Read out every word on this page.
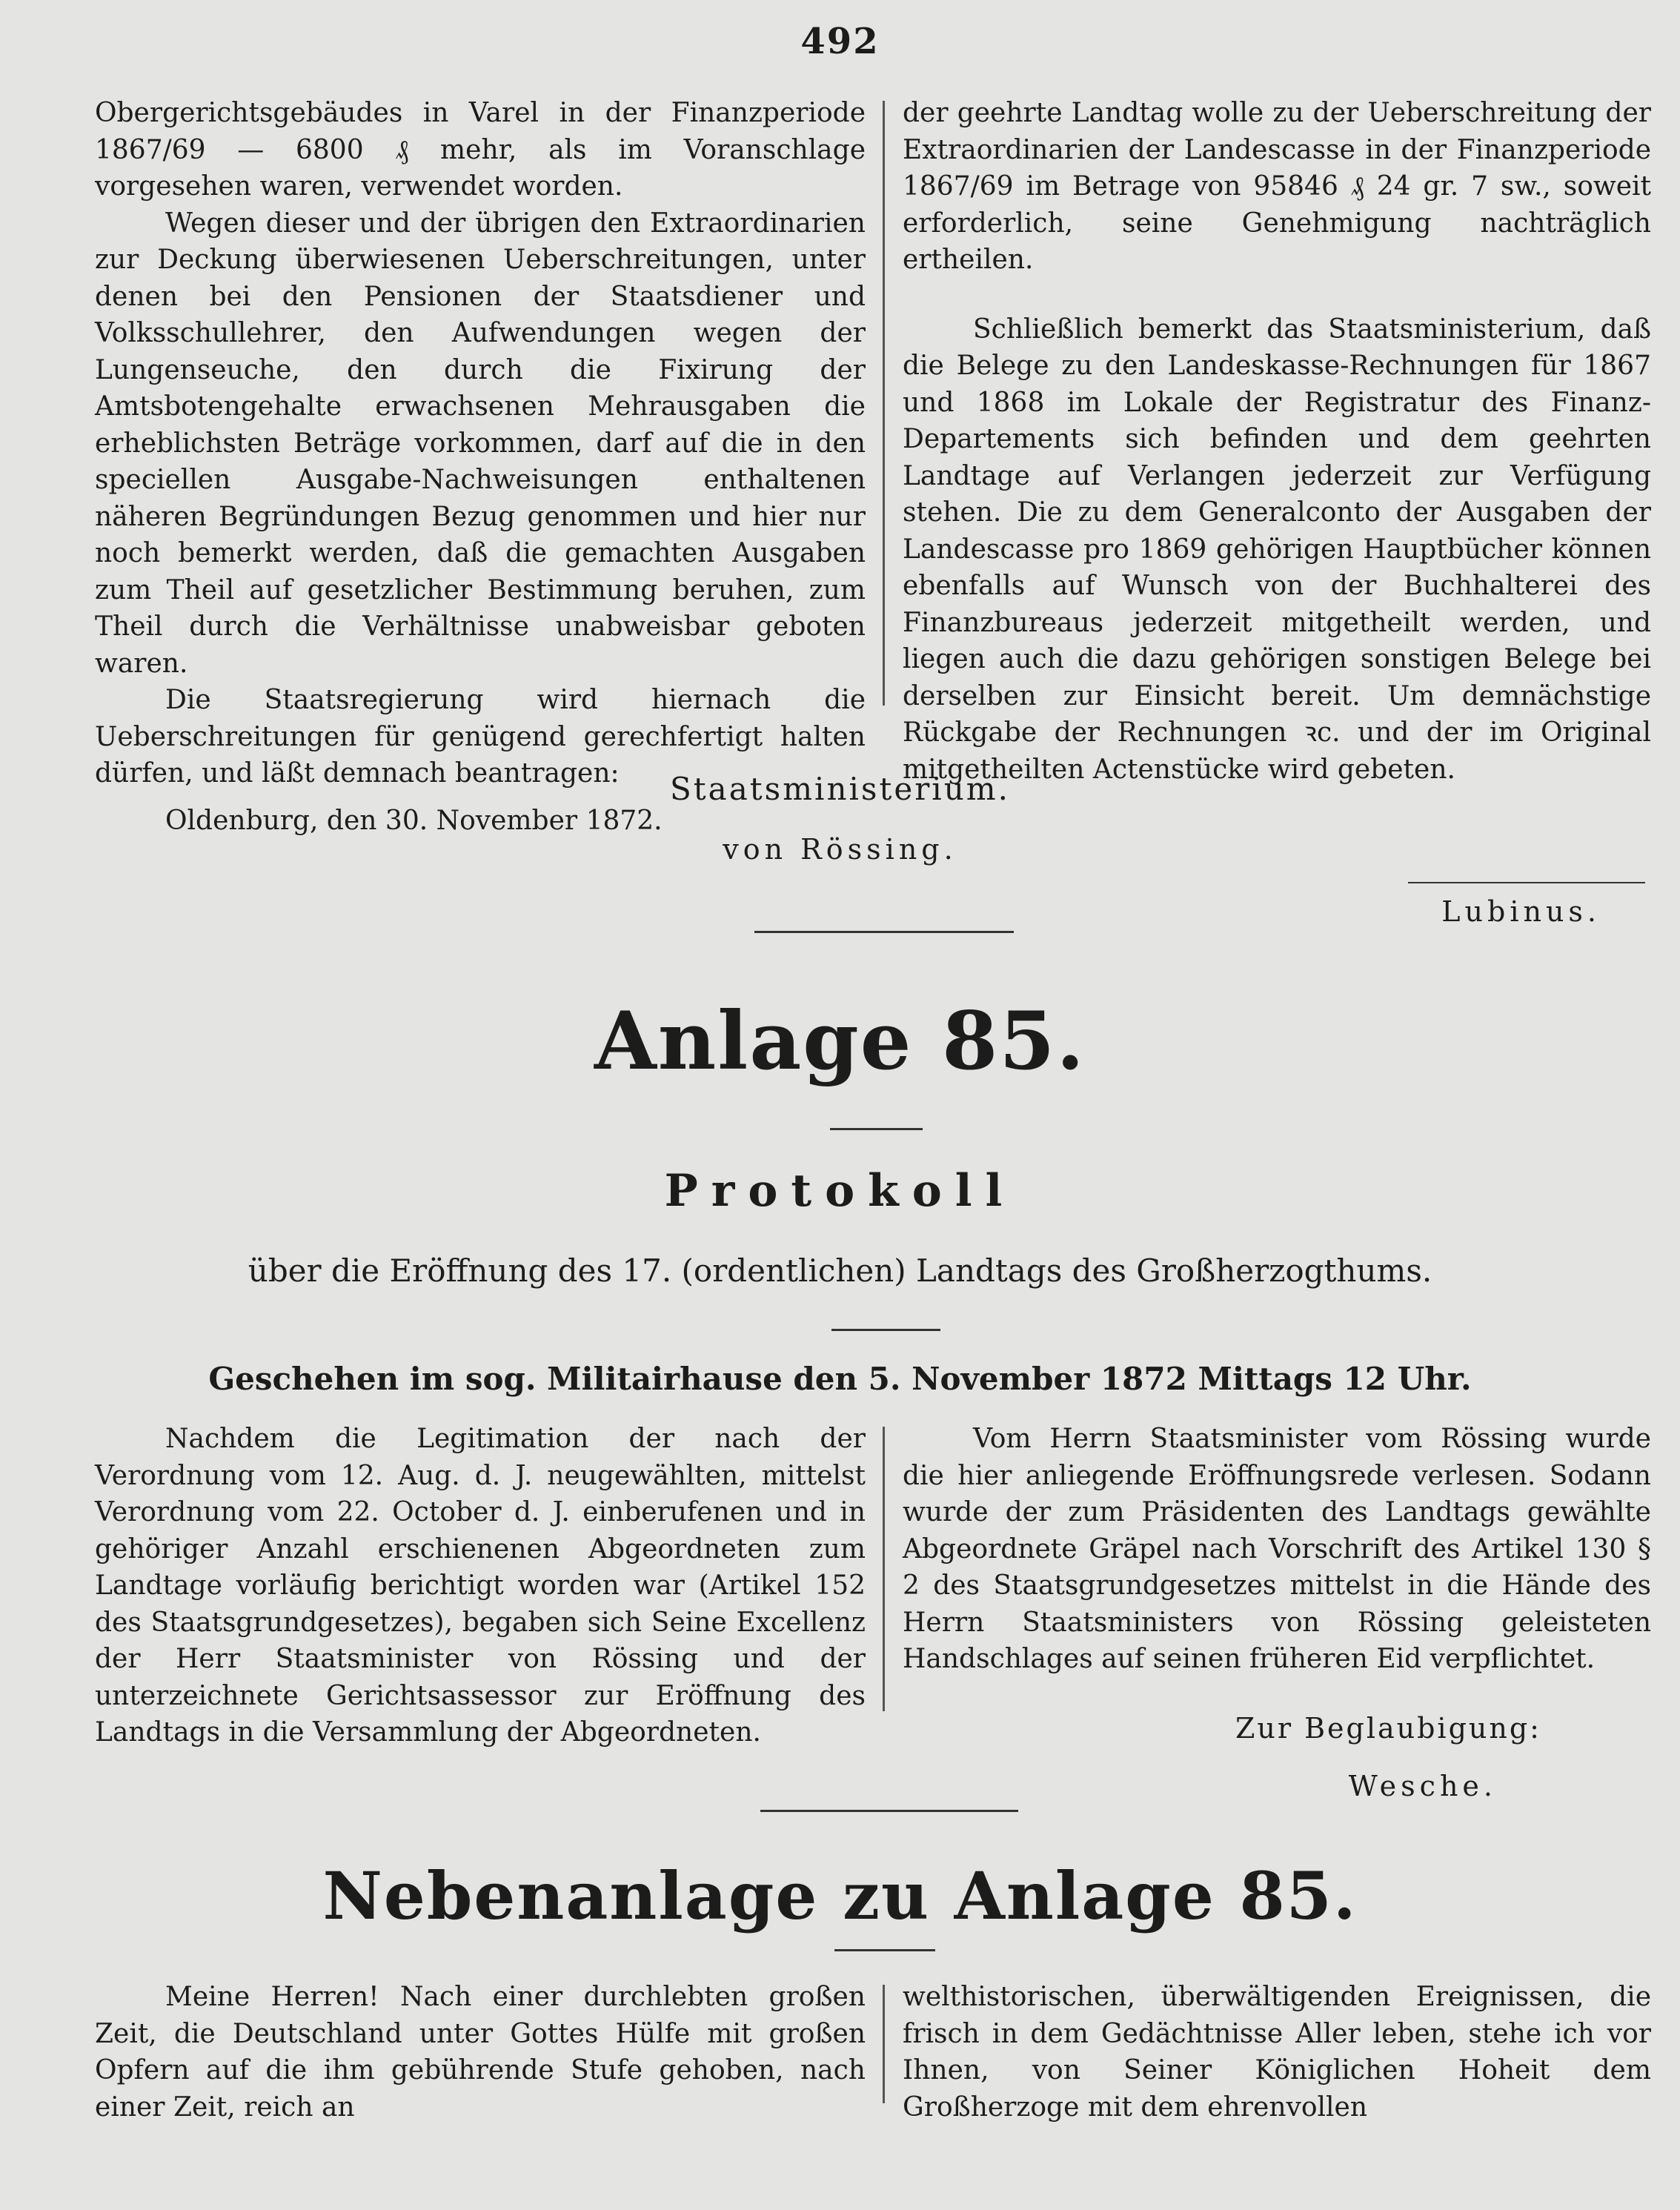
492

Obergerichtsgebäudes in Varel in der Finanzperiode 1867/69 — 6800 ₰ mehr, als im Voranschlage vorgesehen waren, verwendet worden.

Wegen dieser und der übrigen den Extraordinarien zur Deckung überwiesenen Ueberschreitungen, unter denen bei den Pensionen der Staatsdiener und Volksschullehrer, den Aufwendungen wegen der Lungenseuche, den durch die Fixirung der Amtsbotengehalte erwachsenen Mehrausgaben die erheblichsten Beträge vorkommen, darf auf die in den speciellen Ausgabe-Nachweisungen enthaltenen näheren Begründungen Bezug genommen und hier nur noch bemerkt werden, daß die gemachten Ausgaben zum Theil auf gesetzlicher Bestimmung beruhen, zum Theil durch die Verhältnisse unabweisbar geboten waren.

Die Staatsregierung wird hiernach die Ueberschreitungen für genügend gerechfertigt halten dürfen, und läßt demnach beantragen:

Oldenburg, den 30. November 1872.

der geehrte Landtag wolle zu der Ueberschreitung der Extraordinarien der Landescasse in der Finanzperiode 1867/69 im Betrage von 95846 ₰ 24 gr. 7 sw., soweit erforderlich, seine Genehmigung nachträglich ertheilen.

Schließlich bemerkt das Staatsministerium, daß die Belege zu den Landeskasse-Rechnungen für 1867 und 1868 im Lokale der Registratur des Finanz-Departements sich befinden und dem geehrten Landtage auf Verlangen jederzeit zur Verfügung stehen. Die zu dem Generalconto der Ausgaben der Landescasse pro 1869 gehörigen Hauptbücher können ebenfalls auf Wunsch von der Buchhalterei des Finanzbureaus jederzeit mitgetheilt werden, und liegen auch die dazu gehörigen sonstigen Belege bei derselben zur Einsicht bereit. Um demnächstige Rückgabe der Rechnungen ꝛc. und der im Original mitgetheilten Actenstücke wird gebeten.

Staatsministerium.
von Rössing.
Lubinus.
Anlage 85.
Protokoll
über die Eröffnung des 17. (ordentlichen) Landtags des Großherzogthums.
Geschehen im sog. Militairhause den 5. November 1872 Mittags 12 Uhr.

Nachdem die Legitimation der nach der Verordnung vom 12. Aug. d. J. neugewählten, mittelst Verordnung vom 22. October d. J. einberufenen und in gehöriger Anzahl erschienenen Abgeordneten zum Landtage vorläufig berichtigt worden war (Artikel 152 des Staatsgrundgesetzes), begaben sich Seine Excellenz der Herr Staatsminister von Rössing und der unterzeichnete Gerichtsassessor zur Eröffnung des Landtags in die Versammlung der Abgeordneten.

Vom Herrn Staatsminister vom Rössing wurde die hier anliegende Eröffnungsrede verlesen. Sodann wurde der zum Präsidenten des Landtags gewählte Abgeordnete Gräpel nach Vorschrift des Artikel 130 § 2 des Staatsgrundgesetzes mittelst in die Hände des Herrn Staatsministers von Rössing geleisteten Handschlages auf seinen früheren Eid verpflichtet.

Zur Beglaubigung:
Wesche.
Nebenanlage zu Anlage 85.

Meine Herren! Nach einer durchlebten großen Zeit, die Deutschland unter Gottes Hülfe mit großen Opfern auf die ihm gebührende Stufe gehoben, nach einer Zeit, reich an

welthistorischen, überwältigenden Ereignissen, die frisch in dem Gedächtnisse Aller leben, stehe ich vor Ihnen, von Seiner Königlichen Hoheit dem Großherzoge mit dem ehrenvollen
